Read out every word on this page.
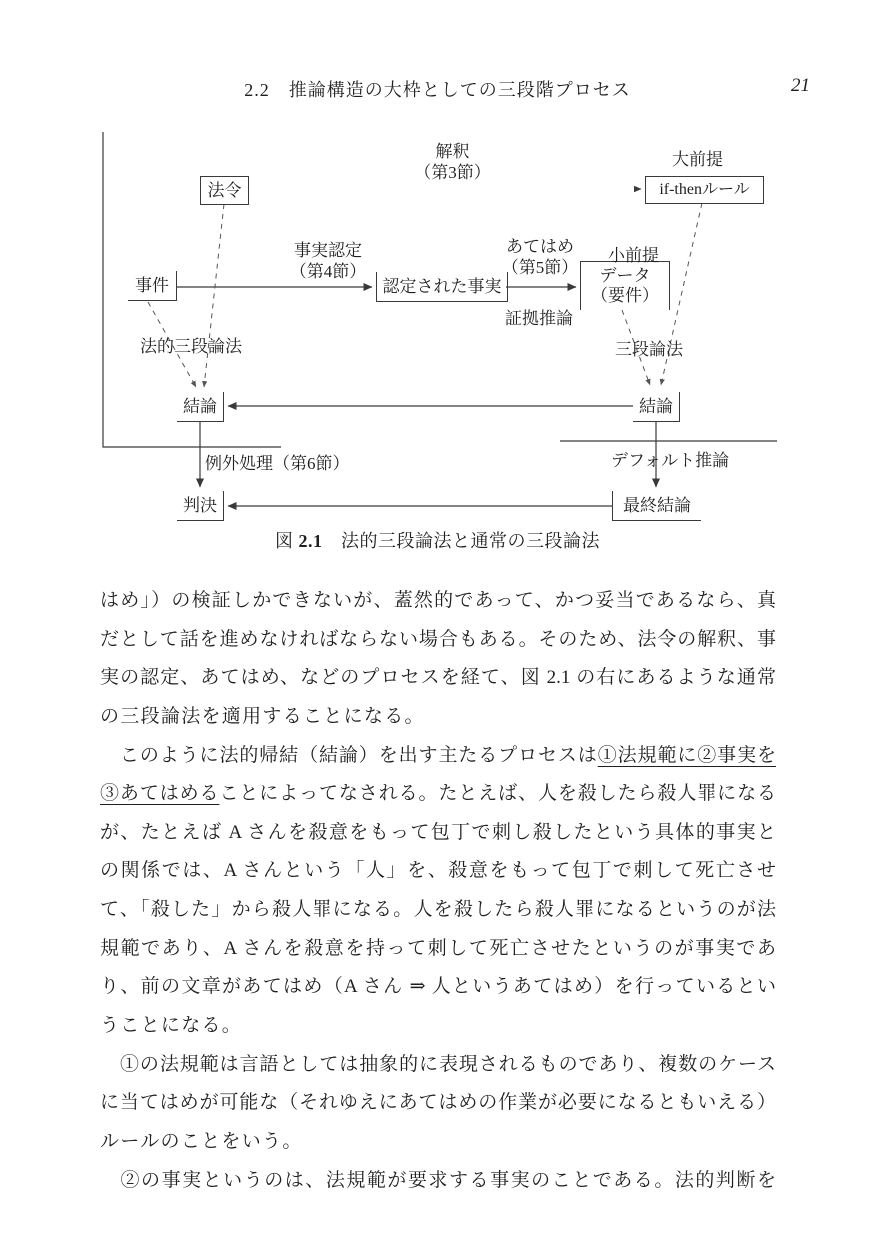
2.2　 推論構造の大枠としての三段階プロセス	21
法令	if-thenルール
事件	認定された事実
データ
（要件）
結論	結論
判決	最終結論
解釈
（第3節）
大前提
事実認定
（第4節）
あてはめ
（第5節）
小前提
証拠推論
法的三段論法	三段論法
例外処理（第6節）	デフォルト推論
図 2.1　 法的三段論法と通常の三段論法
はめ」）の検証しかできないが、蓋然的であって、かつ妥当であるなら、真
だとして話を進めなければならない場合もある。そのため、法令の解釈、事
実の認定、あてはめ、などのプロセスを経て、図 2.1 の右にあるような通常
の三段論法を適用することになる。
　このように法的帰結（結論）を出す主たるプロセスは①法規範に②事実を
③あてはめることによってなされる。たとえば、人を殺したら殺人罪になる
が、たとえば A さんを殺意をもって包丁で刺し殺したという具体的事実と
の関係では、A さんという「人」を、殺意をもって包丁で刺して死亡させ
て、「殺した」から殺人罪になる。人を殺したら殺人罪になるというのが法
規範であり、A さんを殺意を持って刺して死亡させたというのが事実であ
り、前の文章があてはめ（A さん ⇒ 人というあてはめ）を行っているとい
うことになる。
　①の法規範は言語としては抽象的に表現されるものであり、複数のケース
に当てはめが可能な（それゆえにあてはめの作業が必要になるともいえる）
ルールのことをいう。
　②の事実というのは、法規範が要求する事実のことである。法的判断を
